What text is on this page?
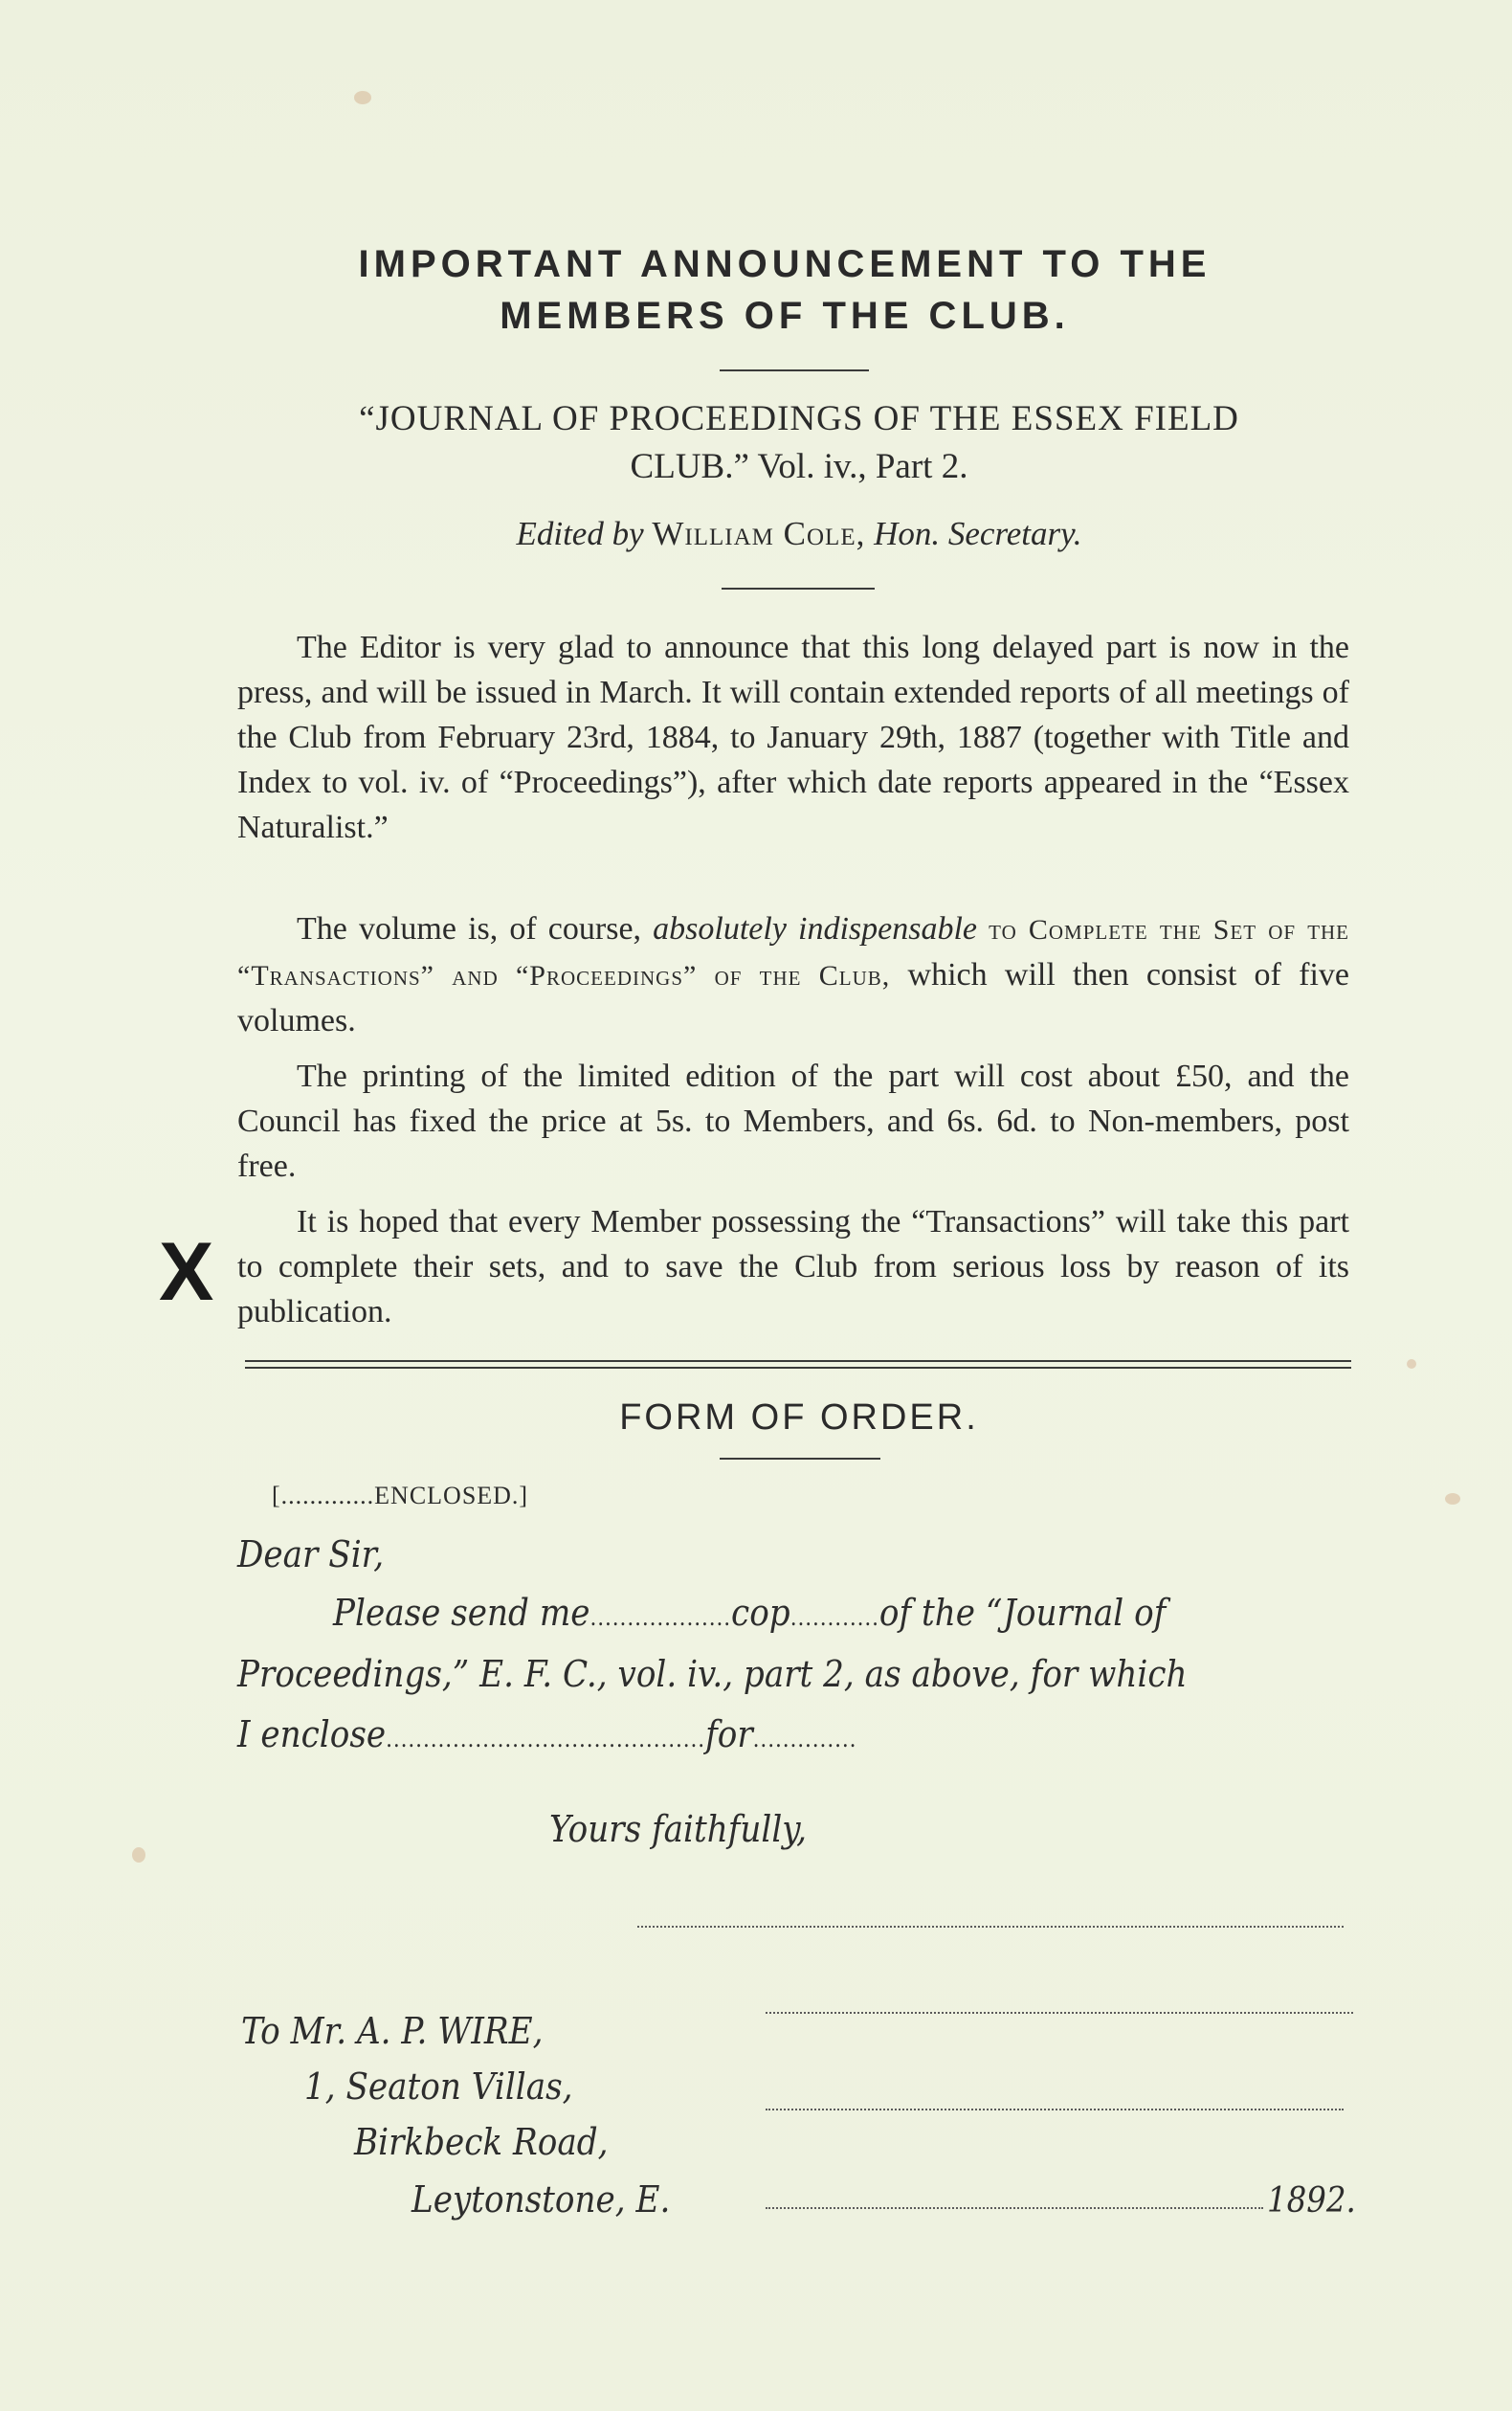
IMPORTANT ANNOUNCEMENT TO THE
MEMBERS OF THE CLUB.
“JOURNAL OF PROCEEDINGS OF THE ESSEX FIELD
CLUB.” Vol. iv., Part 2.
Edited by William Cole, Hon. Secretary.

The Editor is very glad to announce that this long delayed part is now in the press, and will be issued in March. It will contain extended reports of all meetings of the Club from February 23rd, 1884, to January 29th, 1887 (together with Title and Index to vol. iv. of “Proceedings”), after which date reports appeared in the “Essex Naturalist.”

The volume is, of course, absolutely indispensable to Complete the Set of the “Transactions” and “Proceedings” of the Club, which will then consist of five volumes.

The printing of the limited edition of the part will cost about £50, and the Council has fixed the price at 5s. to Members, and 6s. 6d. to Non-members, post free.

It is hoped that every Member possessing the “Transactions” will take this part to complete their sets, and to save the Club from serious loss by reason of its publication.

X
FORM OF ORDER.
[.............ENCLOSED.]
Dear Sir,
Please send me...................cop............of the “Journal of
Proceedings,” E. F. C., vol. iv., part 2, as above, for which
I enclose...........................................for..............
Yours faithfully,
To Mr. A. P. WIRE,
1, Seaton Villas,
Birkbeck Road,
Leytonstone, E.	1892.
